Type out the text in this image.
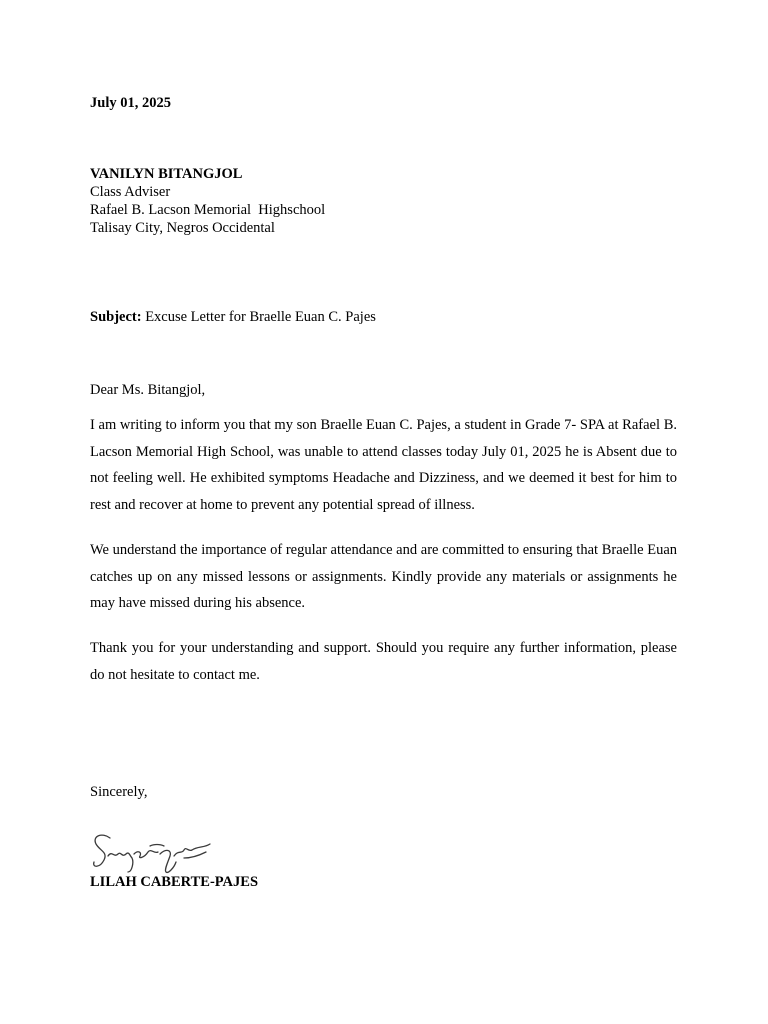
July 01, 2025
VANILYN BITANGJOL
Class Adviser
Rafael B. Lacson Memorial  Highschool
Talisay City, Negros Occidental
Subject: Excuse Letter for Braelle Euan C. Pajes
Dear Ms. Bitangjol,

I am writing to inform you that my son Braelle Euan C. Pajes, a student in Grade 7- SPA at Rafael B. Lacson Memorial High School, was unable to attend classes today July 01, 2025 he is Absent due to not feeling well. He exhibited symptoms Headache and Dizziness, and we deemed it best for him to rest and recover at home to prevent any potential spread of illness.

We understand the importance of regular attendance and are committed to ensuring that Braelle Euan catches up on any missed lessons or assignments. Kindly provide any materials or assignments he may have missed during his absence.

Thank you for your understanding and support. Should you require any further information, please do not hesitate to contact me.

Sincerely,
LILAH CABERTE-PAJES
